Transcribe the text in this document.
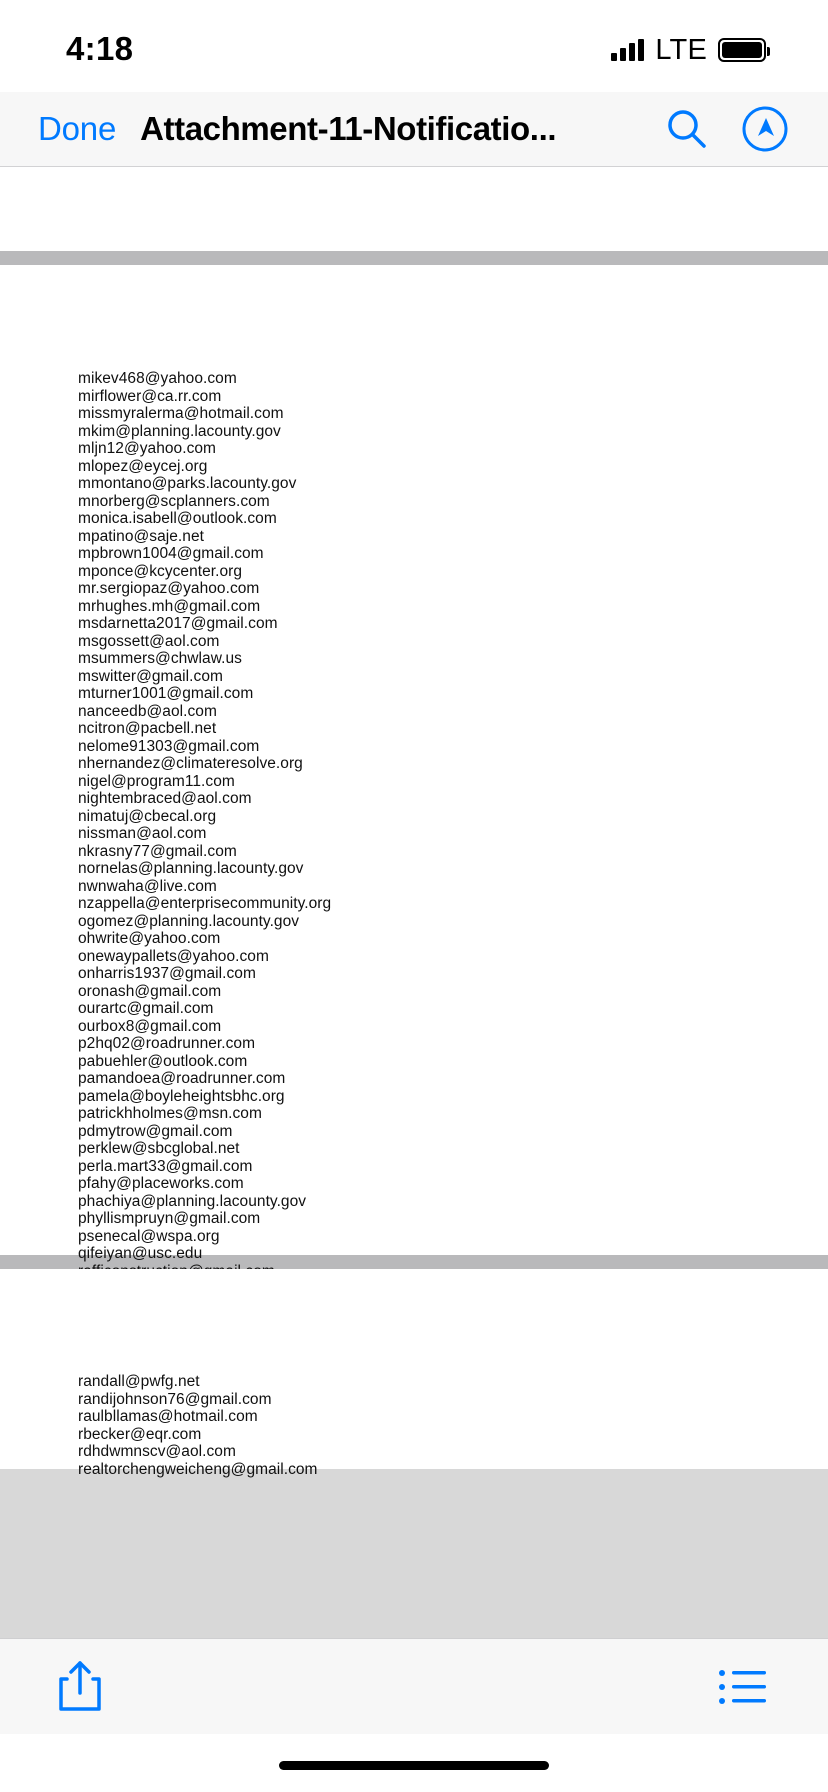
4:18	LTE
Done Attachment-11-Notificatio...
mikev468@yahoo.com
mirflower@ca.rr.com
missmyralerma@hotmail.com
mkim@planning.lacounty.gov
mljn12@yahoo.com
mlopez@eycej.org
mmontano@parks.lacounty.gov
mnorberg@scplanners.com
monica.isabell@outlook.com
mpatino@saje.net
mpbrown1004@gmail.com
mponce@kcycenter.org
mr.sergiopaz@yahoo.com
mrhughes.mh@gmail.com
msdarnetta2017@gmail.com
msgossett@aol.com
msummers@chwlaw.us
mswitter@gmail.com
mturner1001@gmail.com
nanceedb@aol.com
ncitron@pacbell.net
nelome91303@gmail.com
nhernandez@climateresolve.org
nigel@program11.com
nightembraced@aol.com
nimatuj@cbecal.org
nissman@aol.com
nkrasny77@gmail.com
nornelas@planning.lacounty.gov
nwnwaha@live.com
nzappella@enterprisecommunity.org
ogomez@planning.lacounty.gov
ohwrite@yahoo.com
onewaypallets@yahoo.com
onharris1937@gmail.com
oronash@gmail.com
ourartc@gmail.com
ourbox8@gmail.com
p2hq02@roadrunner.com
pabuehler@outlook.com
pamandoea@roadrunner.com
pamela@boyleheightsbhc.org
patrickhholmes@msn.com
pdmytrow@gmail.com
perklew@sbcglobal.net
perla.mart33@gmail.com
pfahy@placeworks.com
phachiya@planning.lacounty.gov
phyllismpruyn@gmail.com
psenecal@wspa.org
qifeiyan@usc.edu
randall@pwfg.net
randijohnson76@gmail.com
raulbllamas@hotmail.com
rbecker@eqr.com
rdhdwmnscv@aol.com
realtorchengweicheng@gmail.com
